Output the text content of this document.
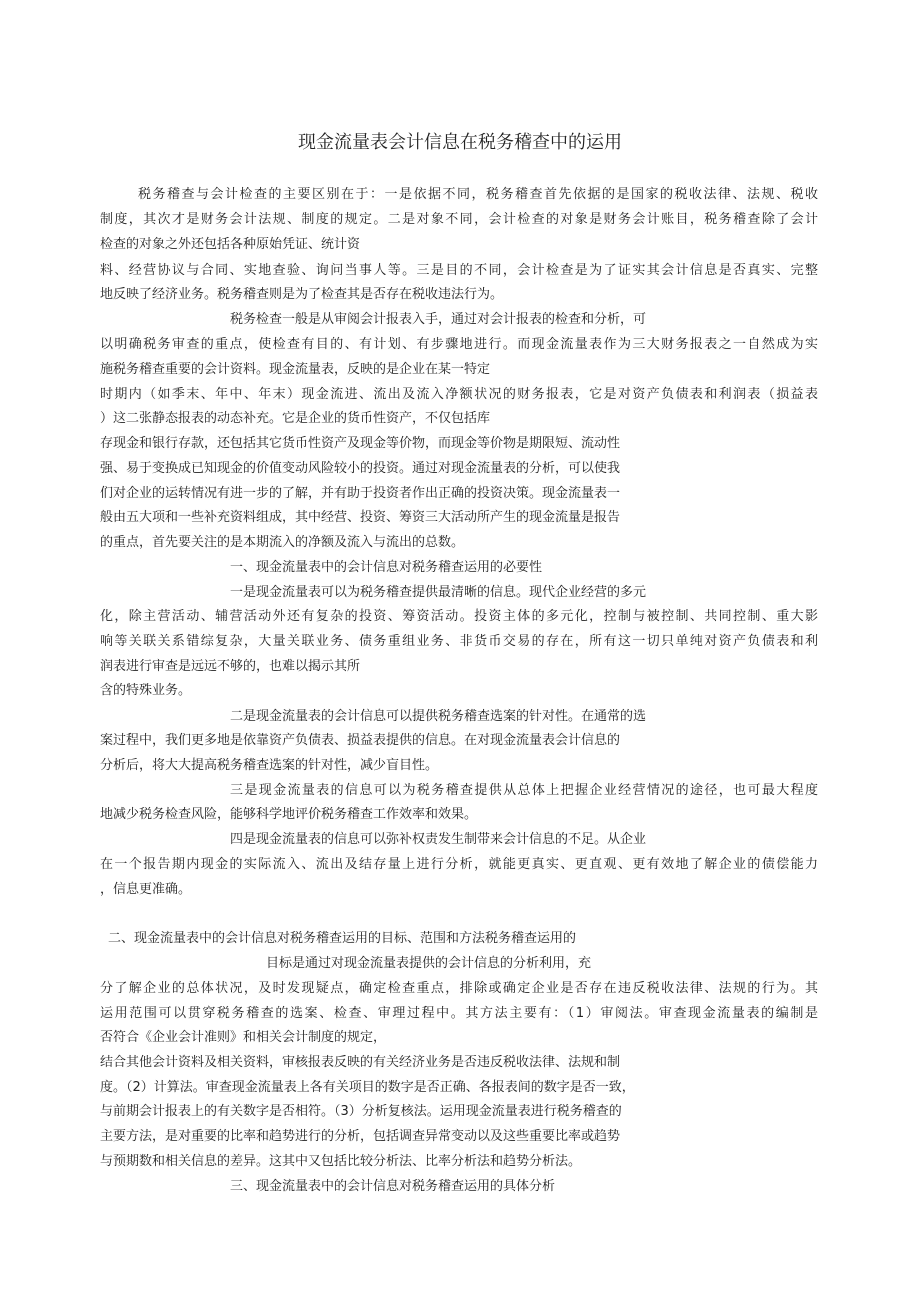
现金流量表会计信息在税务稽查中的运用
税务稽查与会计检查的主要区别在于：一是依据不同，税务稽查首先依据的是国家的税收法律、法规、税收
制度，其次才是财务会计法规、制度的规定。二是对象不同，会计检查的对象是财务会计账目，税务稽查除了会计
检查的对象之外还包括各种原始凭证、统计资
料、经营协议与合同、实地查验、询问当事人等。三是目的不同，会计检查是为了证实其会计信息是否真实、完整
地反映了经济业务。税务稽查则是为了检查其是否存在税收违法行为。
税务检查一般是从审阅会计报表入手，通过对会计报表的检查和分析，可
以明确税务审查的重点，使检查有目的、有计划、有步骤地进行。而现金流量表作为三大财务报表之一自然成为实
施税务稽查重要的会计资料。现金流量表，反映的是企业在某一特定
时期内（如季末、年中、年末）现金流进、流出及流入净额状况的财务报表，它是对资产负债表和利润表（损益表
）这二张静态报表的动态补充。它是企业的货币性资产，不仅包括库
存现金和银行存款，还包括其它货币性资产及现金等价物，而现金等价物是期限短、流动性
强、易于变换成已知现金的价值变动风险较小的投资。通过对现金流量表的分析，可以使我
们对企业的运转情况有进一步的了解，并有助于投资者作出正确的投资决策。现金流量表一
般由五大项和一些补充资料组成，其中经营、投资、筹资三大活动所产生的现金流量是报告
的重点，首先要关注的是本期流入的净额及流入与流出的总数。
一、现金流量表中的会计信息对税务稽查运用的必要性
一是现金流量表可以为税务稽查提供最清晰的信息。现代企业经营的多元
化，除主营活动、辅营活动外还有复杂的投资、筹资活动。投资主体的多元化，控制与被控制、共同控制、重大影
响等关联关系错综复杂，大量关联业务、债务重组业务、非货币交易的存在，所有这一切只单纯对资产负债表和利
润表进行审查是远远不够的，也难以揭示其所
含的特殊业务。
二是现金流量表的会计信息可以提供税务稽查选案的针对性。在通常的选
案过程中，我们更多地是依靠资产负债表、损益表提供的信息。在对现金流量表会计信息的
分析后，将大大提高税务稽查选案的针对性，减少盲目性。
三是现金流量表的信息可以为税务稽查提供从总体上把握企业经营情况的途径，也可最大程度
地减少税务检查风险，能够科学地评价税务稽查工作效率和效果。
四是现金流量表的信息可以弥补权责发生制带来会计信息的不足。从企业
在一个报告期内现金的实际流入、流出及结存量上进行分析，就能更真实、更直观、更有效地了解企业的债偿能力
，信息更准确。
二、现金流量表中的会计信息对税务稽查运用的目标、范围和方法税务稽查运用的
目标是通过对现金流量表提供的会计信息的分析利用，充
分了解企业的总体状况，及时发现疑点，确定检查重点，排除或确定企业是否存在违反税收法律、法规的行为。其
运用范围可以贯穿税务稽查的选案、检查、审理过程中。其方法主要有：（1）审阅法。审查现金流量表的编制是
否符合《企业会计准则》和相关会计制度的规定，
结合其他会计资料及相关资料，审核报表反映的有关经济业务是否违反税收法律、法规和制
度。（2）计算法。审查现金流量表上各有关项目的数字是否正确、各报表间的数字是否一致，
与前期会计报表上的有关数字是否相符。（3）分析复核法。运用现金流量表进行税务稽查的
主要方法，是对重要的比率和趋势进行的分析，包括调查异常变动以及这些重要比率或趋势
与预期数和相关信息的差异。这其中又包括比较分析法、比率分析法和趋势分析法。
三、现金流量表中的会计信息对税务稽查运用的具体分析
